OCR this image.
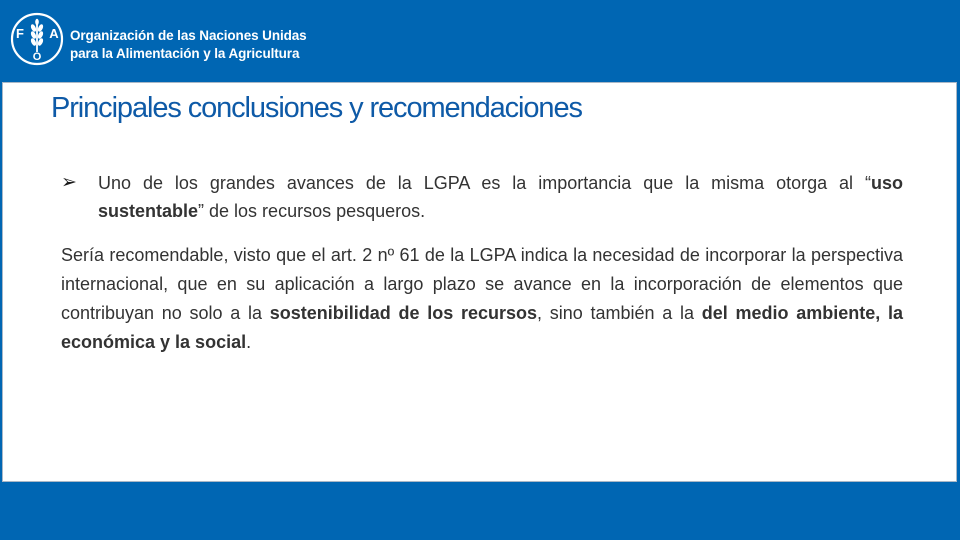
F A
O
Organización de las Naciones Unidas
para la Alimentación y la Agricultura
Principales conclusiones y recomendaciones
➢ Uno de los grandes avances de la LGPA es la importancia que la misma otorga al “uso sustentable” de los recursos pesqueros.

Sería recomendable, visto que el art. 2 nº 61 de la LGPA indica la necesidad de incorporar la perspectiva internacional, que en su aplicación a largo plazo se avance en la incorporación de elementos que contribuyan no solo a la sostenibilidad de los recursos, sino también a la del medio ambiente, la económica y la social.
